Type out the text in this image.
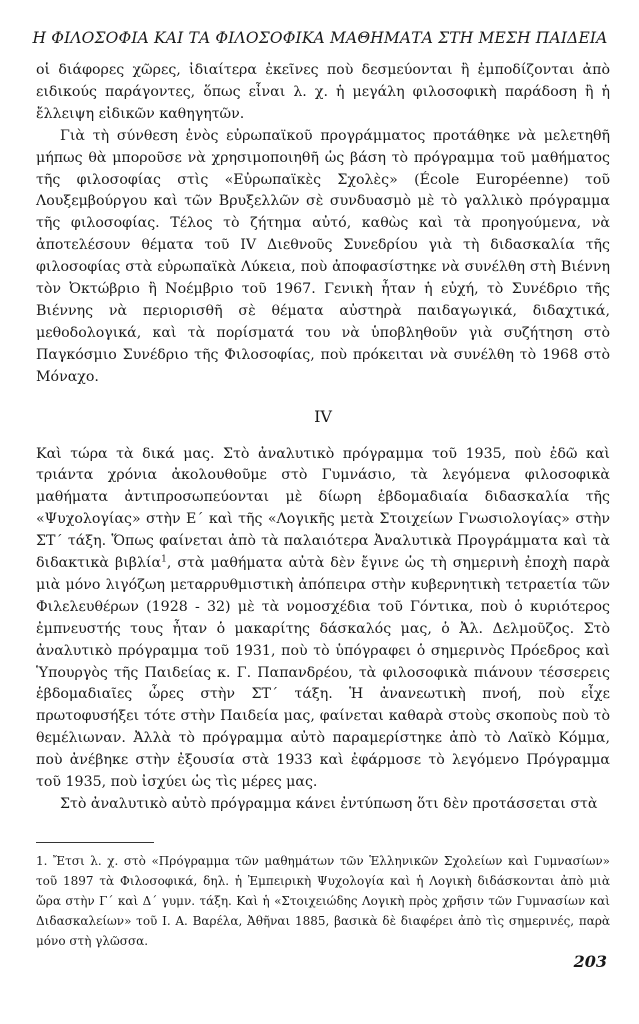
Η ΦΙΛΟΣΟΦΙΑ ΚΑΙ ΤΑ ΦΙΛΟΣΟΦΙΚΑ ΜΑΘΗΜΑΤΑ ΣΤΗ ΜΕΣΗ ΠΑΙΔΕΙΑ

οἱ διάφορες χῶρες, ἰδιαίτερα ἐκεῖνες ποὺ δεσμεύονται ἢ ἐμποδίζονται ἀπὸ ειδικούς παράγοντες, ὅπως εἶναι λ. χ. ἡ μεγάλη φιλοσοφικὴ παράδοση ἢ ἡ ἔλλειψη εἰδικῶν καθηγητῶν.

Γιὰ τὴ σύνθεση ἑνὸς εὐρωπαϊκοῦ προγράμματος προτάθηκε νὰ μελετηθῆ μήπως θὰ μποροῦσε νὰ χρησιμοποιηθῆ ὡς βάση τὸ πρόγραμμα τοῦ μαθήματος τῆς φιλοσοφίας στὶς «Εὐρωπαϊκὲς Σχολὲς» (École Européenne) τοῦ Λουξεμβούργου καὶ τῶν Βρυξελλῶν σὲ συνδυασμὸ μὲ τὸ γαλλικὸ πρόγραμμα τῆς φιλοσοφίας. Τέλος τὸ ζήτημα αὐτό, καθὼς καὶ τὰ προηγούμενα, νὰ ἀποτελέσουν θέματα τοῦ IV Διεθνοῦς Συνεδρίου γιὰ τὴ διδασκαλία τῆς φιλοσοφίας στὰ εὐρωπαϊκὰ Λύκεια, ποὺ ἀποφασίστηκε νὰ συνέλθη στὴ Βιέννη τὸν Ὀκτώβριο ἢ Νοέμβριο τοῦ 1967. Γενικὴ ἦταν ἡ εὐχή, τὸ Συνέδριο τῆς Βιέννης νὰ περιορισθῆ σὲ θέματα αὐστηρὰ παιδαγωγικά, διδαχτικά, μεθοδολογικά, καὶ τὰ πορίσματά του νὰ ὑποβληθοῦν γιὰ συζήτηση στὸ Παγκόσμιο Συνέδριο τῆς Φιλοσοφίας, ποὺ πρόκειται νὰ συνέλθη τὸ 1968 στὸ Μόναχο.

IV

Καὶ τώρα τὰ δικά μας. Στὸ ἀναλυτικὸ πρόγραμμα τοῦ 1935, ποὺ ἐδῶ καὶ τριάντα χρόνια ἀκολουθοῦμε στὸ Γυμνάσιο, τὰ λεγόμενα φιλοσοφικὰ μαθήματα ἀντιπροσωπεύονται μὲ δίωρη ἑβδομαδιαία διδασκαλία τῆς «Ψυχολογίας» στὴν Ε΄ καὶ τῆς «Λογικῆς μετὰ Στοιχείων Γνωσιολογίας» στὴν ΣΤ΄ τάξη. Ὅπως φαίνεται ἀπὸ τὰ παλαιότερα Ἀναλυτικὰ Προγράμματα καὶ τὰ διδακτικὰ βιβλία$^1$, στὰ μαθήματα αὐτὰ δὲν ἔγινε ὡς τὴ σημερινὴ ἐποχὴ παρὰ μιὰ μόνο λιγόζωη μεταρρυθμιστικὴ ἀπόπειρα στὴν κυβερνητικὴ τετραετία τῶν Φιλελευθέρων (1928 - 32) μὲ τὰ νομοσχέδια τοῦ Γόντικα, ποὺ ὁ κυριότερος ἐμπνευστής τους ἦταν ὁ μακαρίτης δάσκαλός μας, ὁ Ἀλ. Δελμοῦζος. Στὸ ἀναλυτικὸ πρόγραμμα τοῦ 1931, ποὺ τὸ ὑπόγραφει ὁ σημερινὸς Πρόεδρος καὶ Ὑπουργὸς τῆς Παιδείας κ. Γ. Παπανδρέου, τὰ φιλοσοφικὰ πιάνουν τέσσερεις ἑβδομαδιαῖες ὧρες στὴν ΣΤ΄ τάξη. Ἡ ἀνανεωτικὴ πνοή, ποὺ εἶχε πρωτοφυσήξει τότε στὴν Παιδεία μας, φαίνεται καθαρὰ στοὺς σκοποὺς ποὺ τὸ θεμέλιωναν. Ἀλλὰ τὸ πρόγραμμα αὐτὸ παραμερίστηκε ἀπὸ τὸ Λαϊκὸ Κόμμα, ποὺ ἀνέβηκε στὴν ἐξουσία στὰ 1933 καὶ ἐφάρμοσε τὸ λεγόμενο Πρόγραμμα τοῦ 1935, ποὺ ἰσχύει ὡς τὶς μέρες μας.

Στὸ ἀναλυτικὸ αὐτὸ πρόγραμμα κάνει ἐντύπωση ὅτι δὲν προτάσσεται στὰ

1. Ἔτσι λ. χ. στὸ «Πρόγραμμα τῶν μαθημάτων τῶν Ἑλληνικῶν Σχολείων καὶ Γυμνασίων» τοῦ 1897 τὰ Φιλοσοφικά, δηλ. ἡ Ἐμπειρικὴ Ψυχολογία καὶ ἡ Λογικὴ διδάσκονται ἀπὸ μιὰ ὥρα στὴν Γ΄ καὶ Δ΄ γυμν. τάξη. Καὶ ἡ «Στοιχειώδης Λογικὴ πρὸς χρῆσιν τῶν Γυμνασίων καὶ Διδασκαλείων» τοῦ Ι. Α. Βαρέλα, Ἀθῆναι 1885, βασικὰ δὲ διαφέρει ἀπὸ τὶς σημερινές, παρὰ μόνο στὴ γλῶσσα.
203
